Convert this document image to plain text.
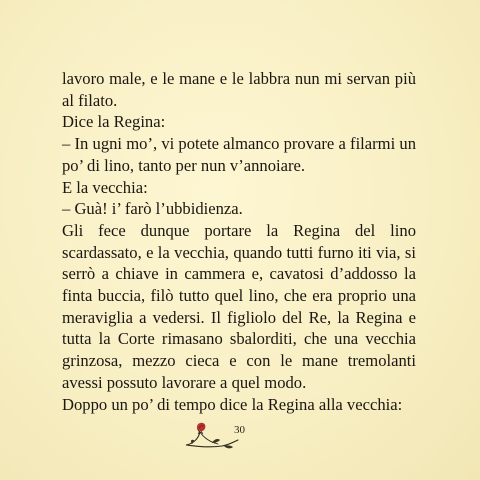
lavoro male, e le mane e le labbra nun mi servan più al filato.

Dice la Regina:

– In ugni mo’, vi potete almanco provare a filarmi un po’ di lino, tanto per nun v’annoiare.

E la vecchia:

– Guà! i’ farò l’ubbidienza.

Gli fece dunque portare la Regina del lino scardassato, e la vecchia, quando tutti furno iti via, si serrò a chiave in cammera e, cavatosi d’addosso la finta buccia, filò tutto quel lino, che era proprio una meraviglia a vedersi. Il figliolo del Re, la Regina e tutta la Corte rimasano sbalorditi, che una vecchia grinzosa, mezzo cieca e con le mane tremolanti avessi possuto lavorare a quel modo.

Doppo un po’ di tempo dice la Regina alla vecchia:

30
